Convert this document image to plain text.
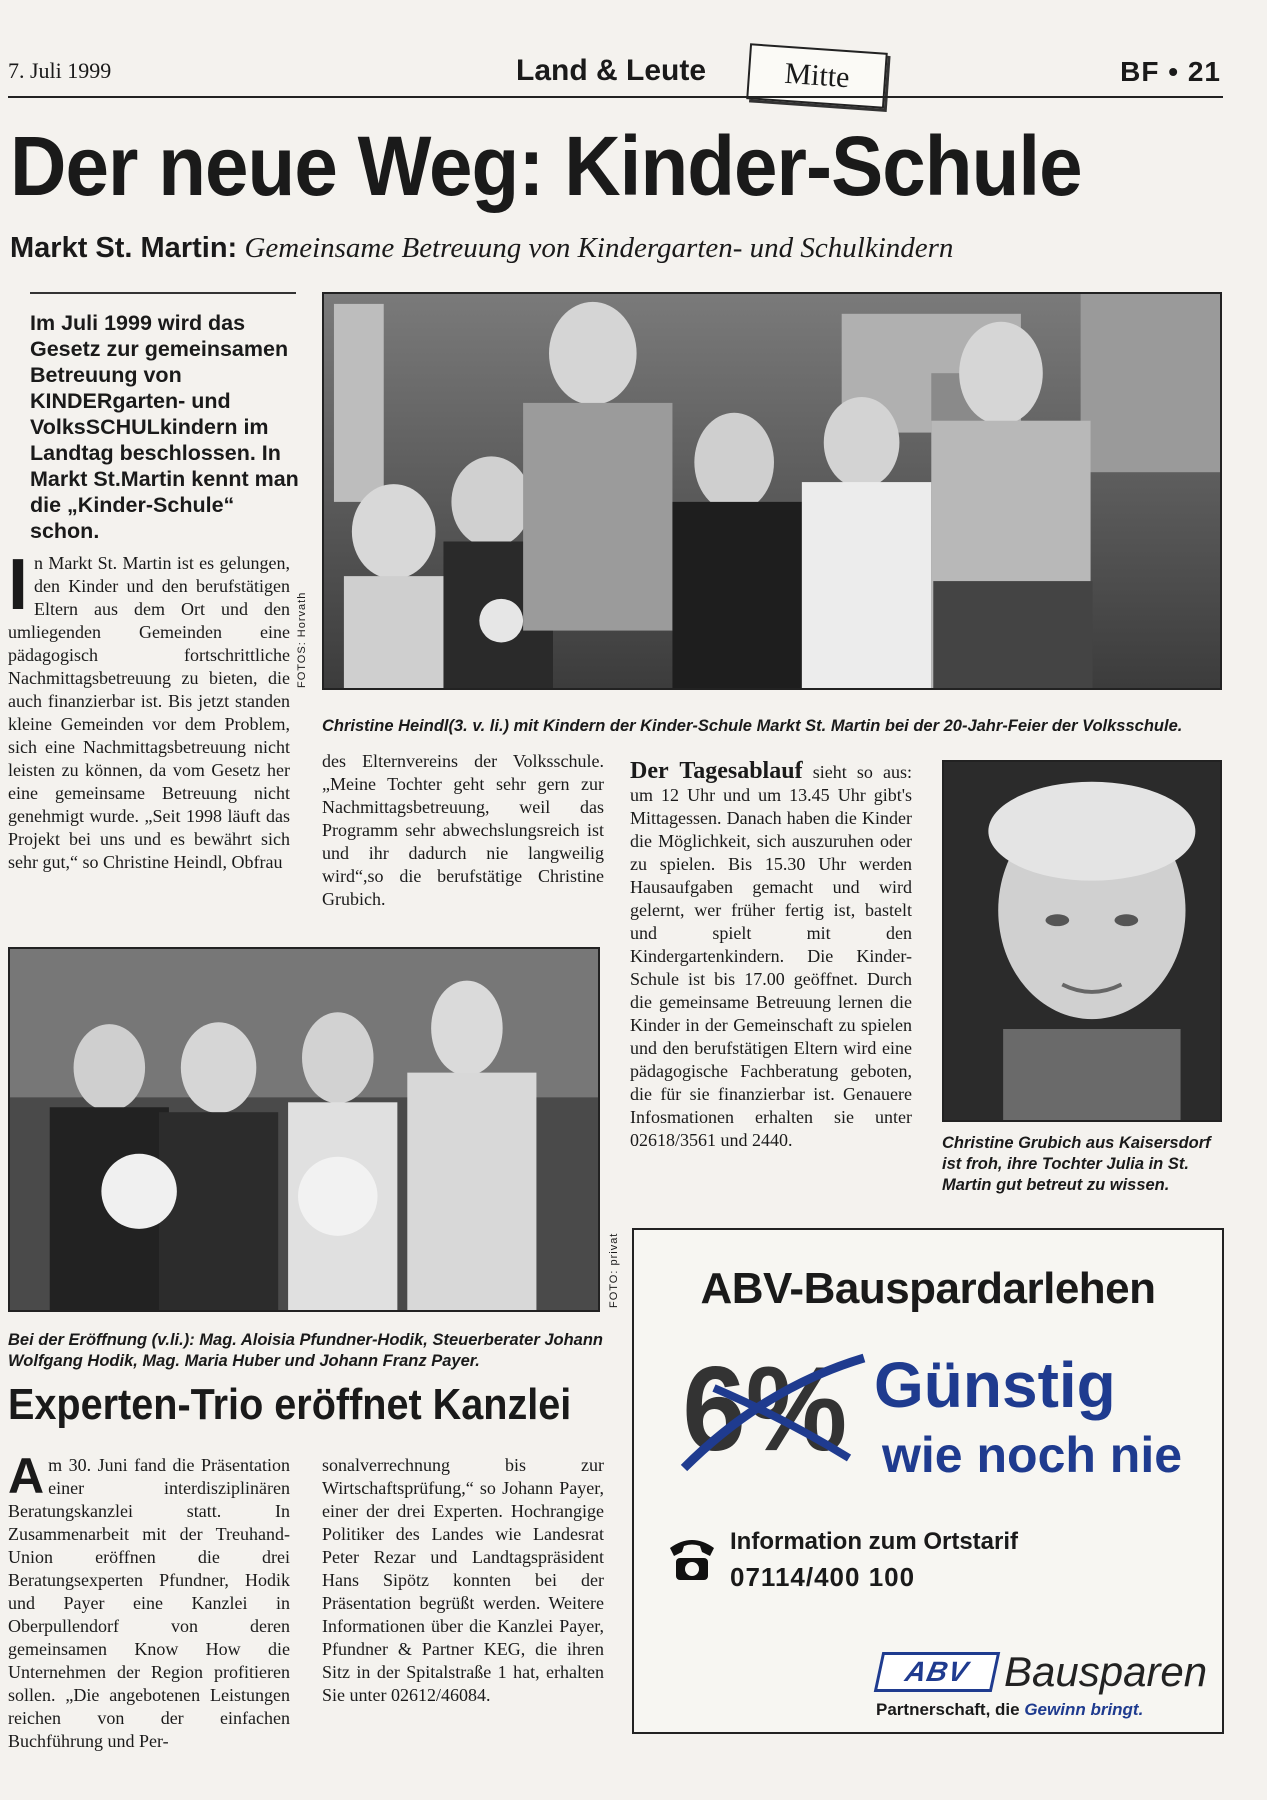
7. Juli 1999	Land & Leute	Mitte	BF • 21
Der neue Weg: Kinder-Schule
Markt St. Martin: Gemeinsame Betreuung von Kindergarten- und Schulkindern
Im Juli 1999 wird das Gesetz zur gemeinsamen Betreuung von KINDERgarten- und VolksSCHULkindern im Landtag beschlossen. In Markt St.Martin kennt man die „Kinder-Schule“ schon.
In Markt St. Martin ist es gelungen, den Kinder und den berufstätigen Eltern aus dem Ort und den umliegenden Gemeinden eine pädagogisch fortschrittliche Nachmittagsbetreuung zu bieten, die auch finanzierbar ist. Bis jetzt standen kleine Gemeinden vor dem Problem, sich eine Nachmittagsbetreuung nicht leisten zu können, da vom Gesetz her eine gemeinsame Betreuung nicht genehmigt wurde. „Seit 1998 läuft das Projekt bei uns und es bewährt sich sehr gut,“ so Christine Heindl, Obfrau
FOTOS: Horvath
Christine Heindl(3. v. li.) mit Kindern der Kinder-Schule Markt St. Martin bei der 20-Jahr-Feier der Volksschule.
des Elternvereins der Volksschule. „Meine Tochter geht sehr gern zur Nachmittagsbetreuung, weil das Programm sehr abwechslungsreich ist und ihr dadurch nie langweilig wird“,so die berufstätige Christine Grubich.
Der Tagesablauf sieht so aus: um 12 Uhr und um 13.45 Uhr gibt's Mittagessen. Danach haben die Kinder die Möglichkeit, sich auszuruhen oder zu spielen. Bis 15.30 Uhr werden Hausaufgaben gemacht und wird gelernt, wer früher fertig ist, bastelt und spielt mit den Kindergartenkindern. Die Kinder-Schule ist bis 17.00 geöffnet. Durch die gemeinsame Betreuung lernen die Kinder in der Gemeinschaft zu spielen und den berufstätigen Eltern wird eine pädagogische Fachberatung geboten, die für sie finanzierbar ist. Genauere Infosmationen erhalten sie unter 02618/3561 und 2440.	Christine Grubich aus Kaisersdorf ist froh, ihre Tochter Julia in St. Martin gut betreut zu wissen.
FOTO: privat
Bei der Eröffnung (v.li.): Mag. Aloisia Pfundner-Hodik, Steuerberater Johann Wolfgang Hodik, Mag. Maria Huber und Johann Franz Payer.
Experten-Trio eröffnet Kanzlei
Am 30. Juni fand die Präsentation einer interdisziplinären Beratungskanzlei statt. In Zusammenarbeit mit der Treuhand-Union eröffnen die drei Beratungsexperten Pfundner, Hodik und Payer eine Kanzlei in Oberpullendorf von deren gemeinsamen Know How die Unternehmen der Region profitieren sollen. „Die angebotenen Leistungen reichen von der einfachen Buchführung und Per-
sonalverrechnung bis zur Wirtschaftsprüfung,“ so Johann Payer, einer der drei Experten. Hochrangige Politiker des Landes wie Landesrat Peter Rezar und Landtagspräsident Hans Sipötz konnten bei der Präsentation begrüßt werden. Weitere Informationen über die Kanzlei Payer, Pfundner & Partner KEG, die ihren Sitz in der Spitalstraße 1 hat, erhalten Sie unter 02612/46084.
ABV-Bauspardarlehen
6% Günstig
wie noch nie
Information zum Ortstarif
07114/400 100
ABV Bausparen
Partnerschaft, die Gewinn bringt.
